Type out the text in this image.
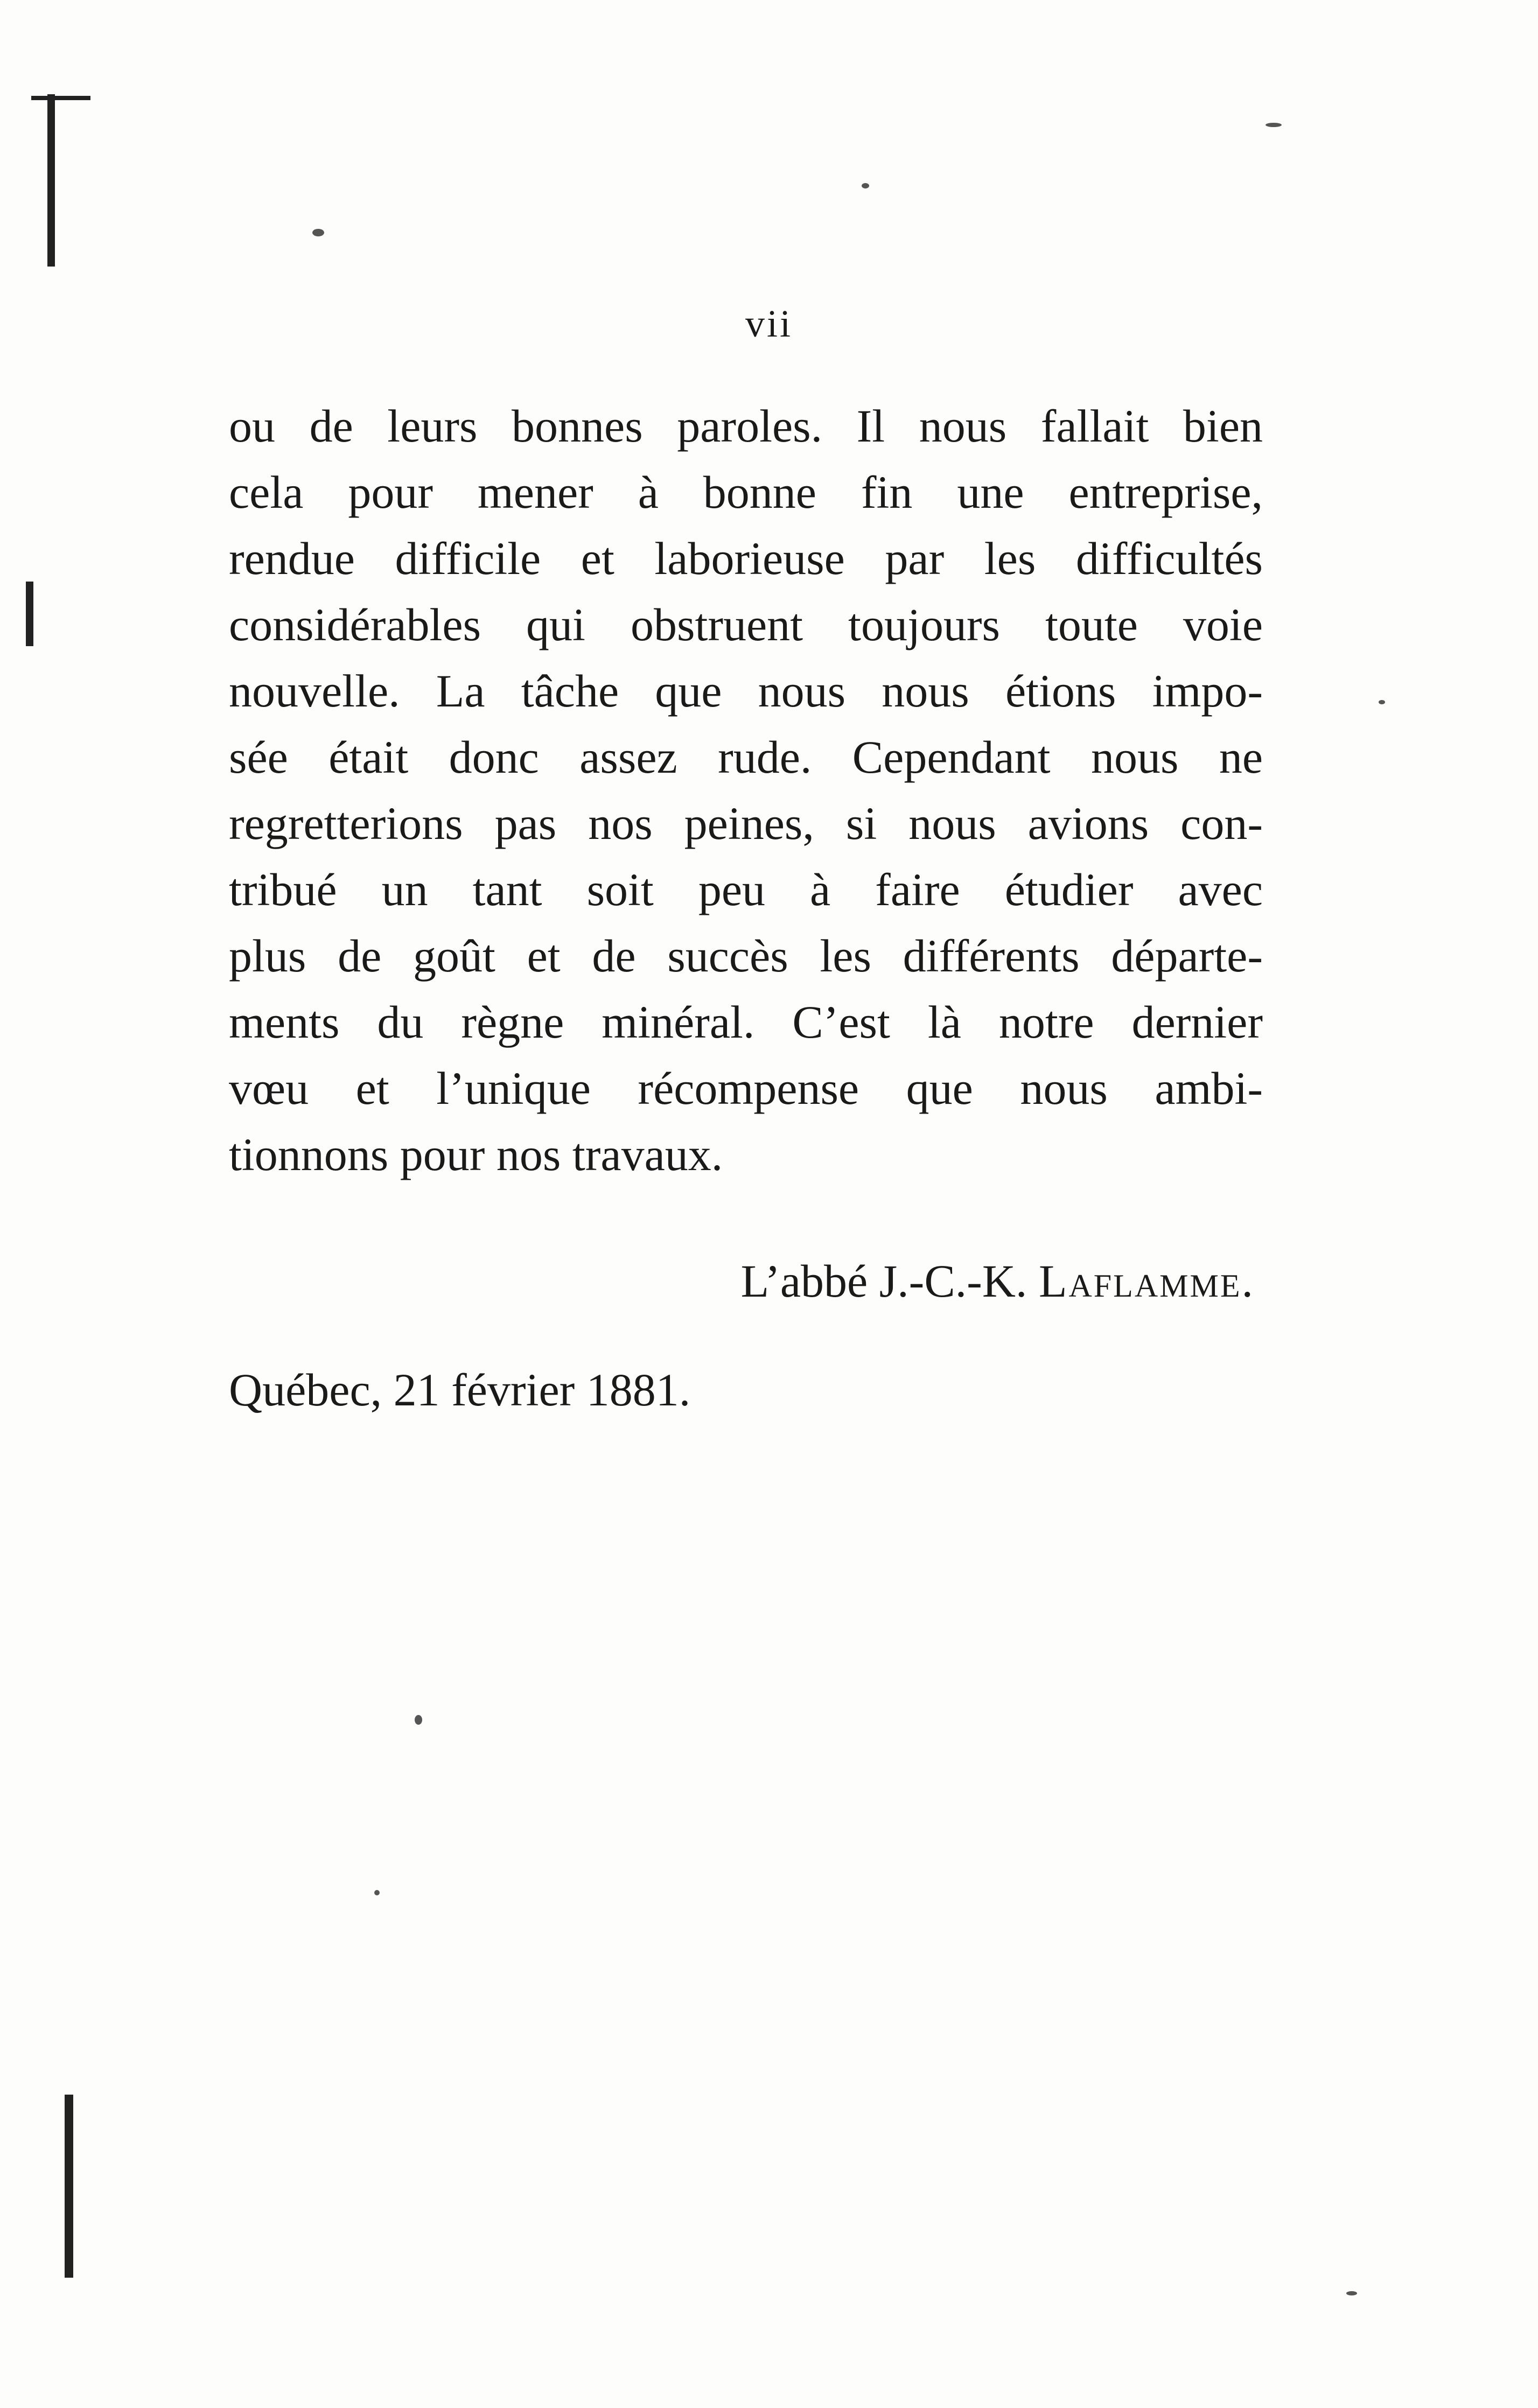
vii
ou de leurs bonnes paroles. Il nous fallait bien
cela pour mener à bonne fin une entreprise,
rendue difficile et laborieuse par les difficultés
considérables qui obstruent toujours toute voie
nouvelle. La tâche que nous nous étions impo-
sée était donc assez rude. Cependant nous ne
regretterions pas nos peines, si nous avions con-
tribué un tant soit peu à faire étudier avec
plus de goût et de succès les différents départe-
ments du règne minéral. C’est là notre dernier
vœu et l’unique récompense que nous ambi-
tionnons pour nos travaux.
L’abbé J.-C.-K. Laflamme.
Québec, 21 février 1881.
